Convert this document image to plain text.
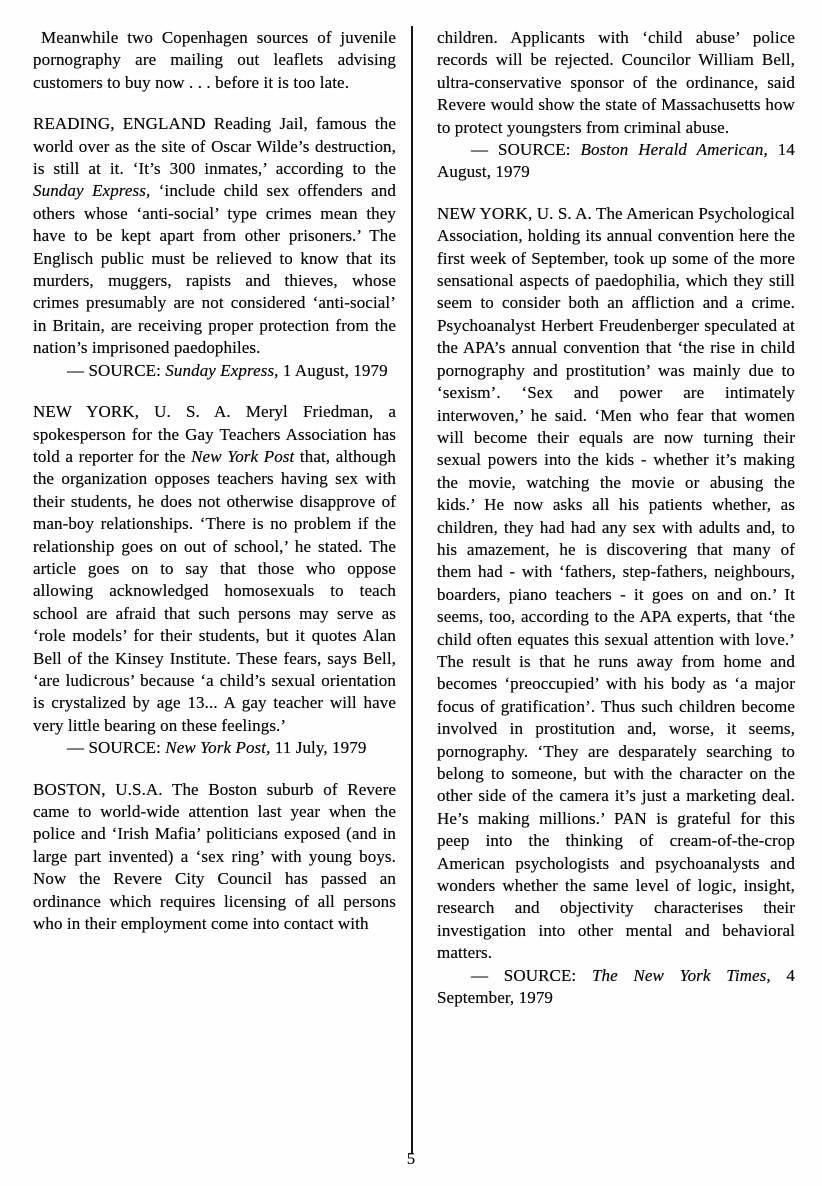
Meanwhile two Copenhagen sources of juvenile pornography are mailing out leaflets advising customers to buy now . . . before it is too late.

READING, ENGLAND Reading Jail, famous the world over as the site of Oscar Wilde’s destruction, is still at it. ‘It’s 300 inmates,’ according to the Sunday Express, ‘include child sex offenders and others whose ‘anti-social’ type crimes mean they have to be kept apart from other prisoners.’ The Englisch public must be relieved to know that its murders, muggers, rapists and thieves, whose crimes presumably are not considered ‘anti-social’ in Britain, are receiving proper protection from the nation’s imprisoned paedophiles.

— SOURCE: Sunday Express, 1 August, 1979

NEW YORK, U. S. A. Meryl Friedman, a spokesperson for the Gay Teachers Association has told a reporter for the New York Post that, although the organization opposes teachers having sex with their students, he does not otherwise disapprove of man-boy relationships. ‘There is no problem if the relationship goes on out of school,’ he stated. The article goes on to say that those who oppose allowing acknowledged homosexuals to teach school are afraid that such persons may serve as ‘role models’ for their students, but it quotes Alan Bell of the Kinsey Institute. These fears, says Bell, ‘are ludicrous’ because ‘a child’s sexual orientation is crystalized by age 13... A gay teacher will have very little bearing on these feelings.’

— SOURCE: New York Post, 11 July, 1979

BOSTON, U.S.A. The Boston suburb of Revere came to world-wide attention last year when the police and ‘Irish Mafia’ politicians exposed (and in large part invented) a ‘sex ring’ with young boys. Now the Revere City Council has passed an ordinance which requires licensing of all persons who in their employment come into contact with

children. Applicants with ‘child abuse’ police records will be rejected. Councilor William Bell, ultra-conservative sponsor of the ordinance, said Revere would show the state of Massachusetts how to protect youngsters from criminal abuse.

— SOURCE: Boston Herald American, 14 August, 1979

NEW YORK, U. S. A. The American Psychological Association, holding its annual convention here the first week of September, took up some of the more sensational aspects of paedophilia, which they still seem to consider both an affliction and a crime. Psychoanalyst Herbert Freudenberger speculated at the APA’s annual convention that ‘the rise in child pornography and prostitution’ was mainly due to ‘sexism’. ‘Sex and power are intimately interwoven,’ he said. ‘Men who fear that women will become their equals are now turning their sexual powers into the kids - whether it’s making the movie, watching the movie or abusing the kids.’ He now asks all his patients whether, as children, they had had any sex with adults and, to his amazement, he is discovering that many of them had - with ‘fathers, step-fathers, neighbours, boarders, piano teachers - it goes on and on.’ It seems, too, according to the APA experts, that ‘the child often equates this sexual attention with love.’ The result is that he runs away from home and becomes ‘preoccupied’ with his body as ‘a major focus of gratification’. Thus such children become involved in prostitution and, worse, it seems, pornography. ‘They are desparately searching to belong to someone, but with the character on the other side of the camera it’s just a marketing deal. He’s making millions.’ PAN is grateful for this peep into the thinking of cream-of-the-crop American psychologists and psychoanalysts and wonders whether the same level of logic, insight, research and objectivity characterises their investigation into other mental and behavioral matters.

— SOURCE: The New York Times, 4 September, 1979

5
